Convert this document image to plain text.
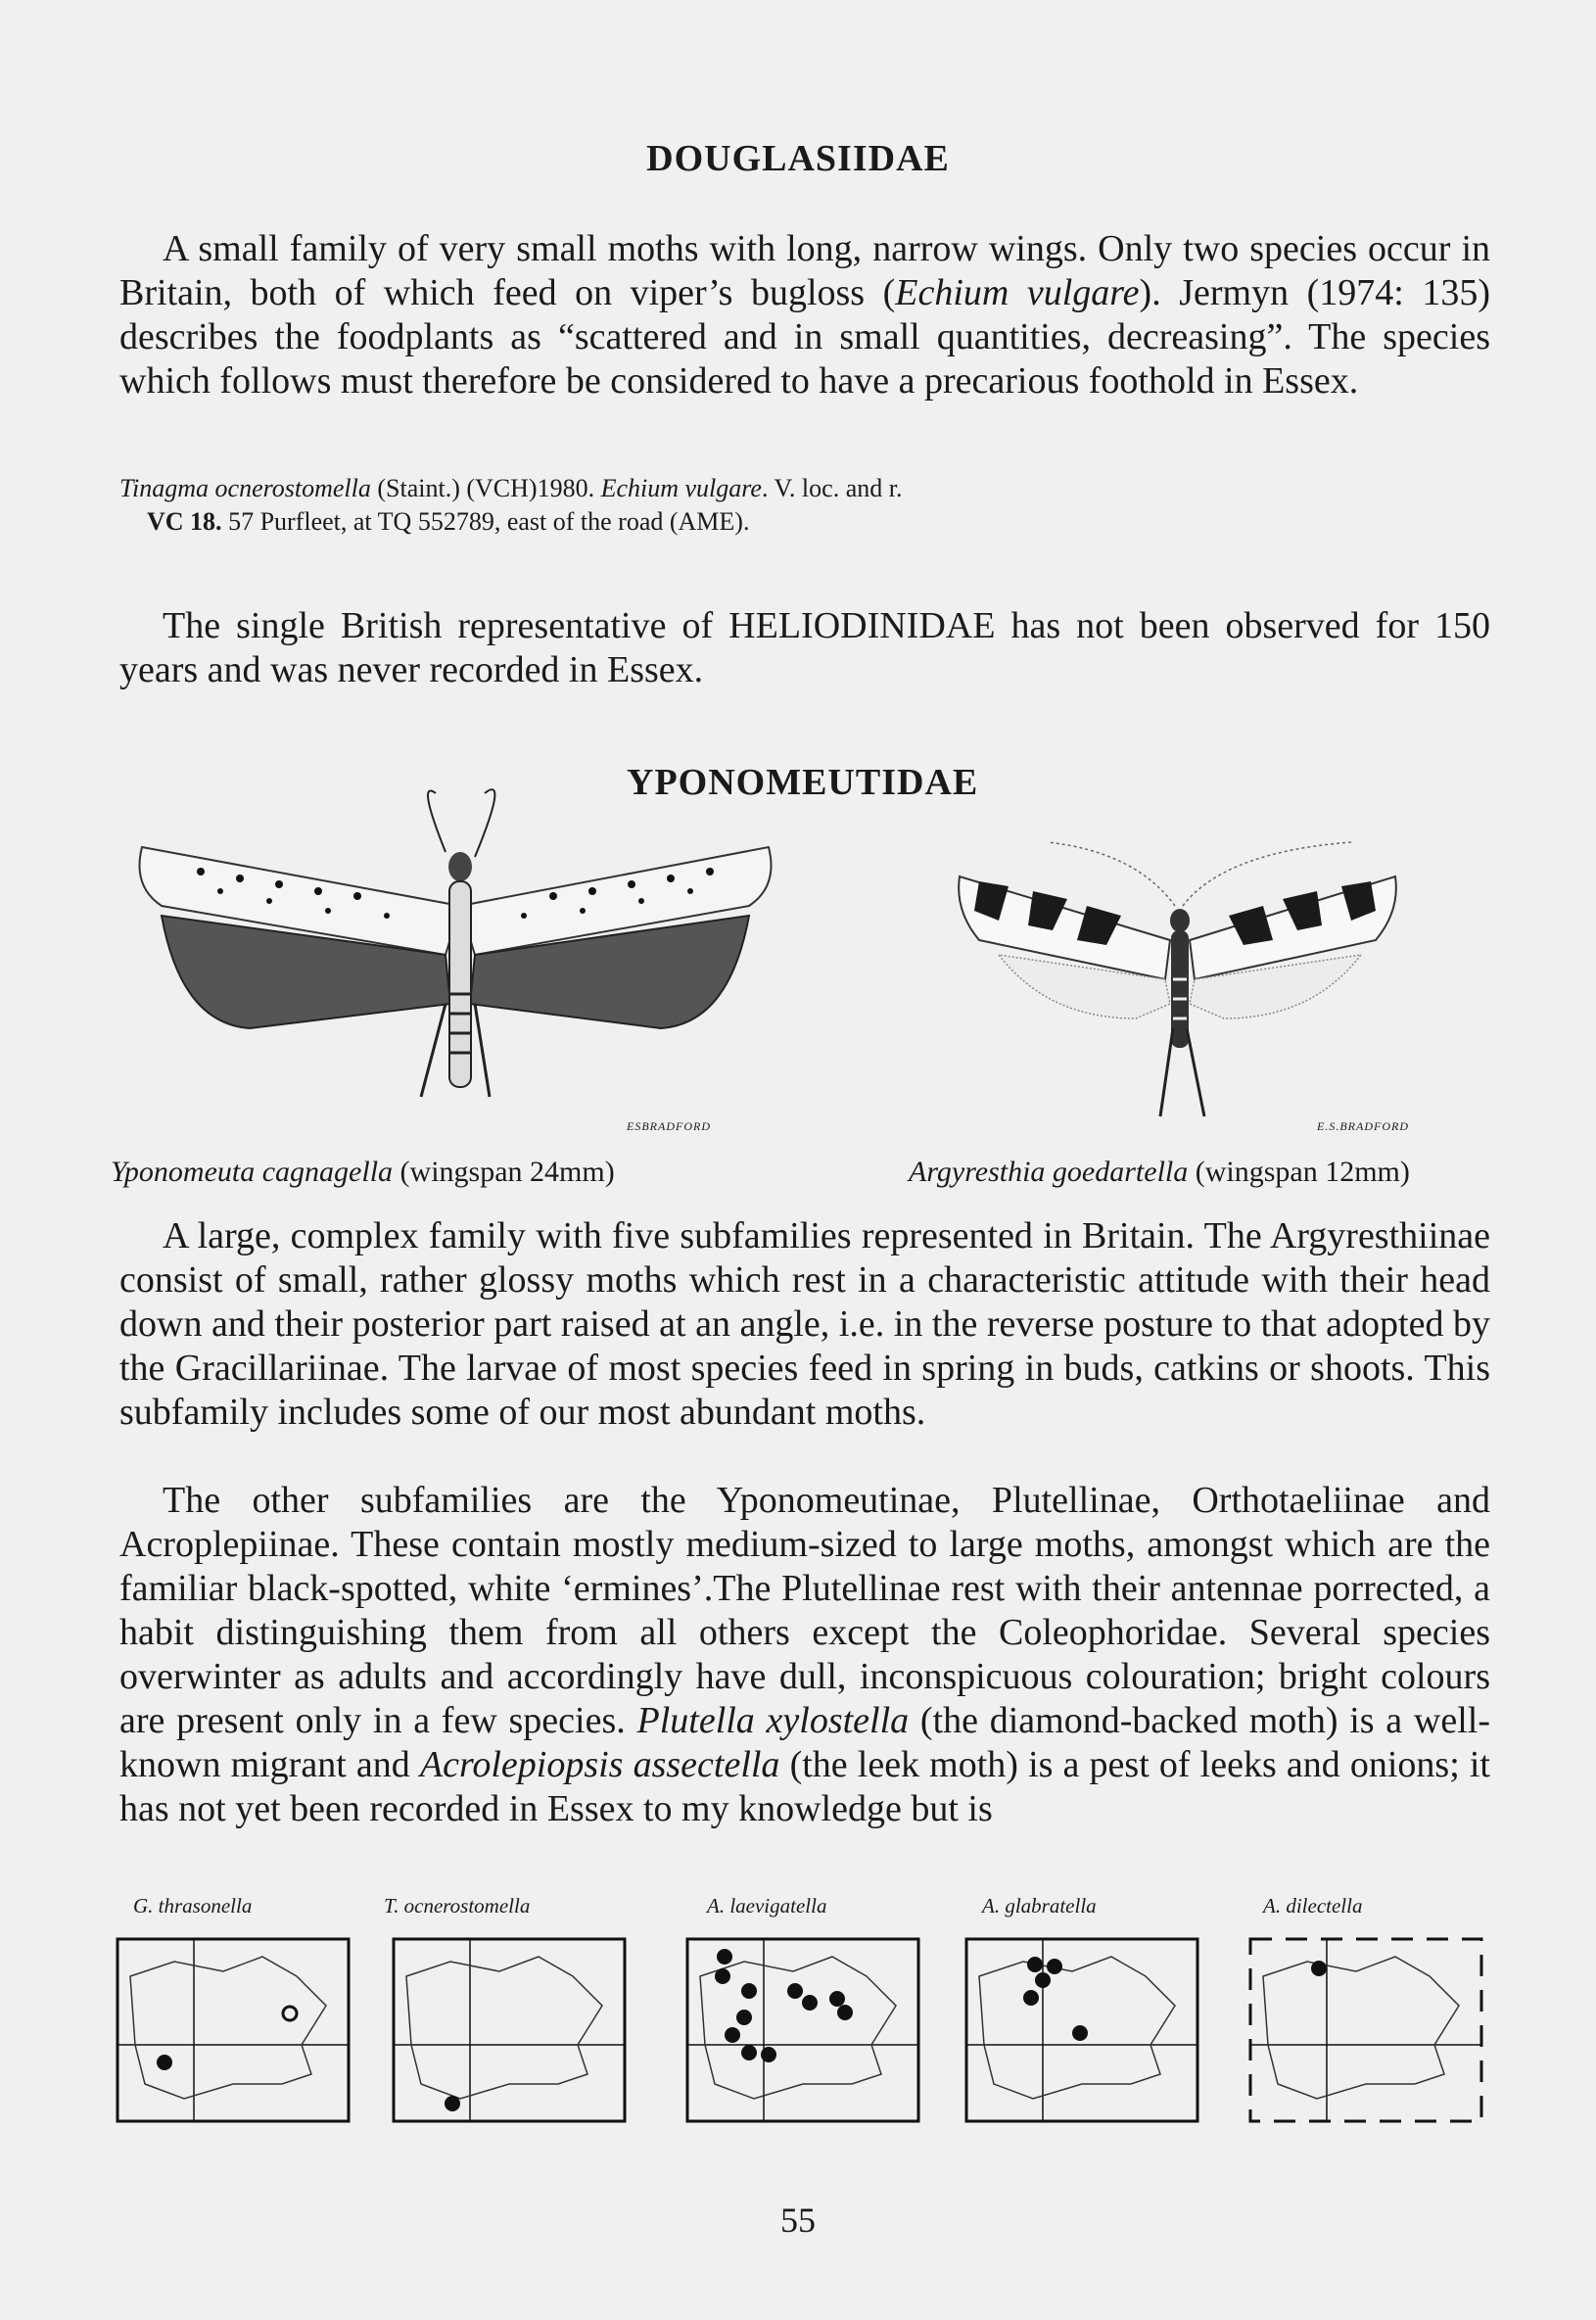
DOUGLASIIDAE
A small family of very small moths with long, narrow wings. Only two species occur in Britain, both of which feed on viper’s bugloss (Echium vulgare). Jermyn (1974: 135) describes the foodplants as “scattered and in small quantities, decreasing”. The species which follows must therefore be considered to have a precarious foothold in Essex.
Tinagma ocnerostomella (Staint.) (VCH)1980. Echium vulgare. V. loc. and r.
VC 18. 57 Purfleet, at TQ 552789, east of the road (AME).
The single British representative of HELIODINIDAE has not been observed for 150 years and was never recorded in Essex.
YPONOMEUTIDAE
ESBRADFORD	E.S.BRADFORD
Yponomeuta cagnagella (wingspan 24mm)	Argyresthia goedartella (wingspan 12mm)
A large, complex family with five subfamilies represented in Britain. The Argyresthiinae consist of small, rather glossy moths which rest in a characteristic attitude with their head down and their posterior part raised at an angle, i.e. in the reverse posture to that adopted by the Gracillariinae. The larvae of most species feed in spring in buds, catkins or shoots. This subfamily includes some of our most abundant moths.
The other subfamilies are the Yponomeutinae, Plutellinae, Orthotaeliinae and Acroplepiinae. These contain mostly medium-sized to large moths, amongst which are the familiar black-spotted, white ‘ermines’.The Plutellinae rest with their antennae porrected, a habit distinguishing them from all others except the Coleophoridae. Several species overwinter as adults and accordingly have dull, inconspicuous colouration; bright colours are present only in a few species. Plutella xylostella (the diamond-backed moth) is a well-known migrant and Acrolepiopsis assectella (the leek moth) is a pest of leeks and onions; it has not yet been recorded in Essex to my knowledge but is
G. thrasonella	T. ocnerostomella	A. laevigatella	A. glabratella	A. dilectella
55
